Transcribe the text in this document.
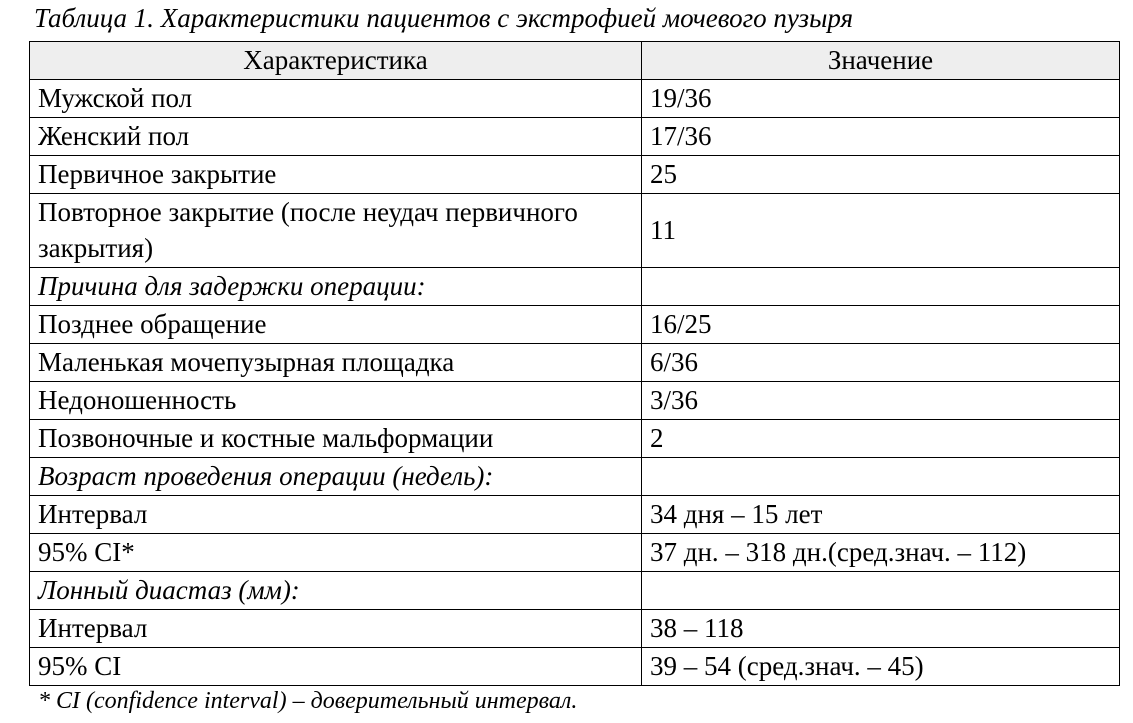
Таблица 1. Характеристики пациентов с экстрофией мочевого пузыря
Характеристика	Значение
Мужской пол	19/36
Женский пол	17/36
Первичное закрытие	25
Повторное закрытие (после неудач первичного закрытия)	11
Причина для задержки операции:	
Позднее обращение	16/25
Маленькая мочепузырная площадка	6/36
Недоношенность	3/36
Позвоночные и костные мальформации	2
Возраст проведения операции (недель):	
Интервал	34 дня – 15 лет
95% CI*	37 дн. – 318 дн.(сред.знач. – 112)
Лонный диастаз (мм):	
Интервал	38 – 118
95% CI	39 – 54 (сред.знач. – 45)
* CI (confidence interval) – доверительный интервал.
